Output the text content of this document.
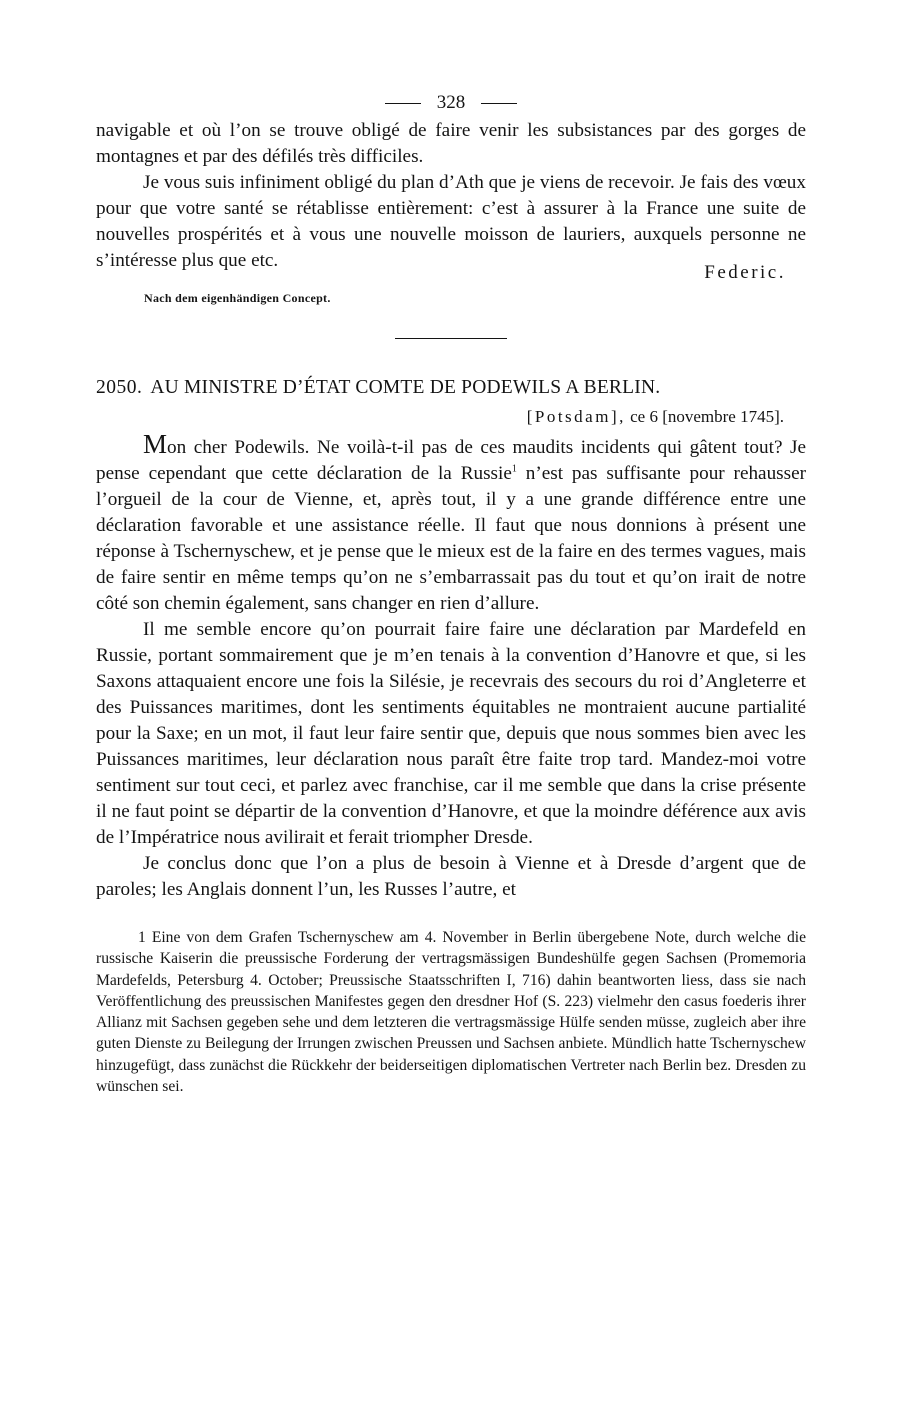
328

navigable et où l’on se trouve obligé de faire venir les subsistances par des gorges de montagnes et par des défilés très difficiles.

Je vous suis infiniment obligé du plan d’Ath que je viens de recevoir. Je fais des vœux pour que votre santé se rétablisse entièrement: c’est à assurer à la France une suite de nouvelles prospérités et à vous une nouvelle moisson de lauriers, auxquels personne ne s’intéresse plus que etc.

Federic.
Nach dem eigenhändigen Concept.
2050. AU MINISTRE D’ÉTAT COMTE DE PODEWILS A BERLIN.
[Potsdam], ce 6 [novembre 1745].

Mon cher Podewils. Ne voilà-t-il pas de ces maudits incidents qui gâtent tout? Je pense cependant que cette déclaration de la Russie$^1$ n’est pas suffisante pour rehausser l’orgueil de la cour de Vienne, et, après tout, il y a une grande différence entre une déclaration favorable et une assistance réelle. Il faut que nous donnions à présent une réponse à Tschernyschew, et je pense que le mieux est de la faire en des termes vagues, mais de faire sentir en même temps qu’on ne s’embarrassait pas du tout et qu’on irait de notre côté son chemin également, sans changer en rien d’allure.

Il me semble encore qu’on pourrait faire faire une déclaration par Mardefeld en Russie, portant sommairement que je m’en tenais à la convention d’Hanovre et que, si les Saxons attaquaient encore une fois la Silésie, je recevrais des secours du roi d’Angleterre et des Puissances maritimes, dont les sentiments équitables ne montraient aucune partialité pour la Saxe; en un mot, il faut leur faire sentir que, depuis que nous sommes bien avec les Puissances maritimes, leur déclaration nous paraît être faite trop tard. Mandez-moi votre sentiment sur tout ceci, et parlez avec franchise, car il me semble que dans la crise présente il ne faut point se départir de la convention d’Hanovre, et que la moindre déférence aux avis de l’Impératrice nous avilirait et ferait triompher Dresde.

Je conclus donc que l’on a plus de besoin à Vienne et à Dresde d’argent que de paroles; les Anglais donnent l’un, les Russes l’autre, et

1 Eine von dem Grafen Tschernyschew am 4. November in Berlin übergebene Note, durch welche die russische Kaiserin die preussische Forderung der vertragsmässigen Bundeshülfe gegen Sachsen (Promemoria Mardefelds, Petersburg 4. October; Preussische Staatsschriften I, 716) dahin beantworten liess, dass sie nach Veröffentlichung des preussischen Manifestes gegen den dresdner Hof (S. 223) vielmehr den casus foederis ihrer Allianz mit Sachsen gegeben sehe und dem letzteren die vertragsmässige Hülfe senden müsse, zugleich aber ihre guten Dienste zu Beilegung der Irrungen zwischen Preussen und Sachsen anbiete. Mündlich hatte Tschernyschew hinzugefügt, dass zunächst die Rückkehr der beiderseitigen diplomatischen Vertreter nach Berlin bez. Dresden zu wünschen sei.
